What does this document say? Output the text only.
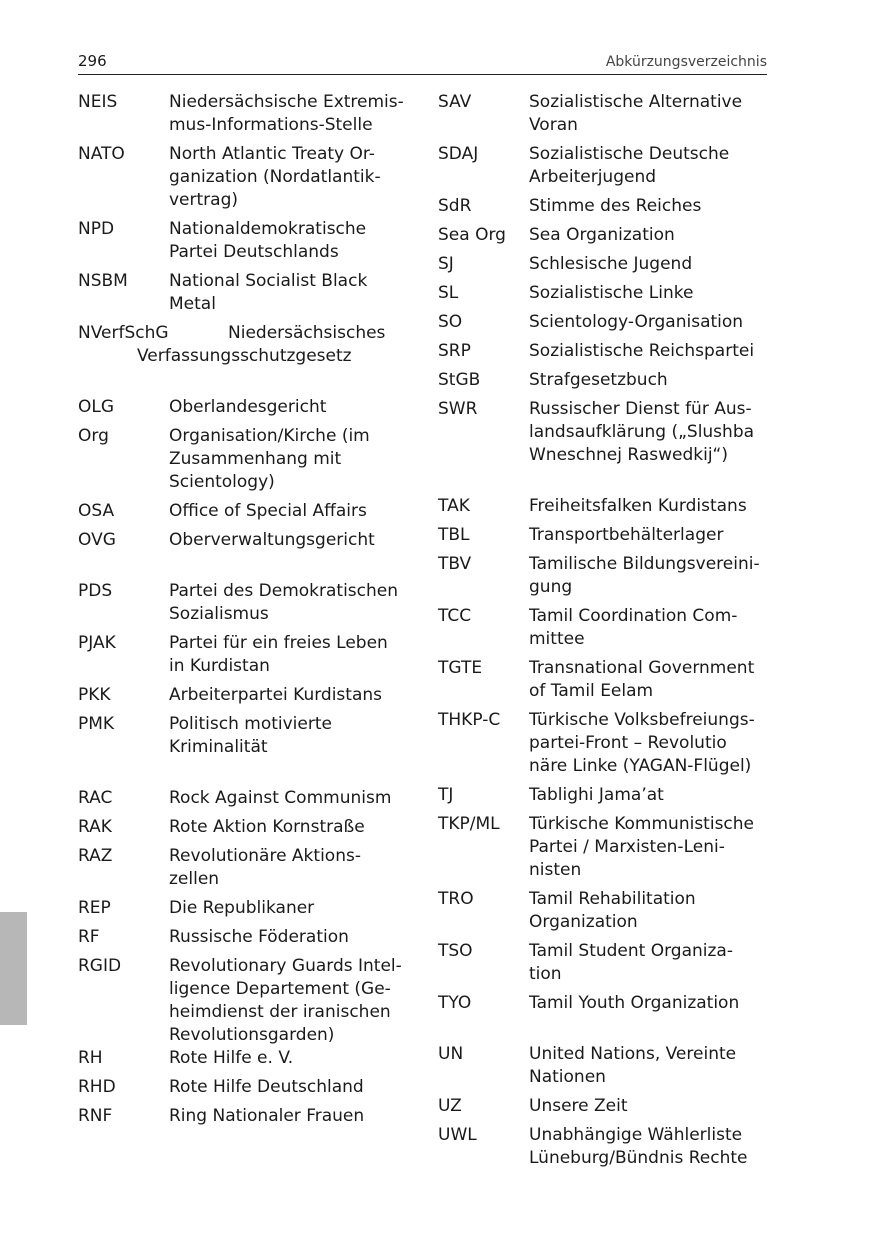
296	Abkürzungsverzeichnis
NEIS	Niedersächsische Extremis-
mus-Informations-Stelle
NATO	North Atlantic Treaty Or-
ganization (Nordatlantik-
vertrag)
NPD	Nationaldemokratische
Partei Deutschlands
NSBM	National Socialist Black
Metal
NVerfSchG	Niedersächsisches
Verfassungsschutzgesetz
OLG	Oberlandesgericht
Org	Organisation/Kirche (im
Zusammenhang mit
Scientology)
OSA	Office of Special Affairs
OVG	Oberverwaltungsgericht
PDS	Partei des Demokratischen
Sozialismus
PJAK	Partei für ein freies Leben
in Kurdistan
PKK	Arbeiterpartei Kurdistans
PMK	Politisch motivierte
Kriminalität
RAC	Rock Against Communism
RAK	Rote Aktion Kornstraße
RAZ	Revolutionäre Aktions-
zellen
REP	Die Republikaner
RF	Russische Föderation
RGID	Revolutionary Guards Intel-
ligence Departement (Ge-
heimdienst der iranischen
Revolutionsgarden)
RH	Rote Hilfe e. V.
RHD	Rote Hilfe Deutschland
RNF	Ring Nationaler Frauen
SAV	Sozialistische Alternative
Voran
SDAJ	Sozialistische Deutsche
Arbeiterjugend
SdR	Stimme des Reiches
Sea Org	Sea Organization
SJ	Schlesische Jugend
SL	Sozialistische Linke
SO	Scientology-Organisation
SRP	Sozialistische Reichspartei
StGB	Strafgesetzbuch
SWR	Russischer Dienst für Aus-
landsaufklärung („Slushba
Wneschnej Raswedkij“)
TAK	Freiheitsfalken Kurdistans
TBL	Transportbehälterlager
TBV	Tamilische Bildungsvereini-
gung
TCC	Tamil Coordination Com-
mittee
TGTE	Transnational Government
of Tamil Eelam
THKP-C	Türkische Volksbefreiungs-
partei-Front – Revolutio
näre Linke (YAGAN-Flügel)
TJ	Tablighi Jama’at
TKP/ML	Türkische Kommunistische
Partei / Marxisten-Leni-
nisten
TRO	Tamil Rehabilitation
Organization
TSO	Tamil Student Organiza-
tion
TYO	Tamil Youth Organization
UN	United Nations, Vereinte
Nationen
UZ	Unsere Zeit
UWL	Unabhängige Wählerliste
Lüneburg/Bündnis Rechte
